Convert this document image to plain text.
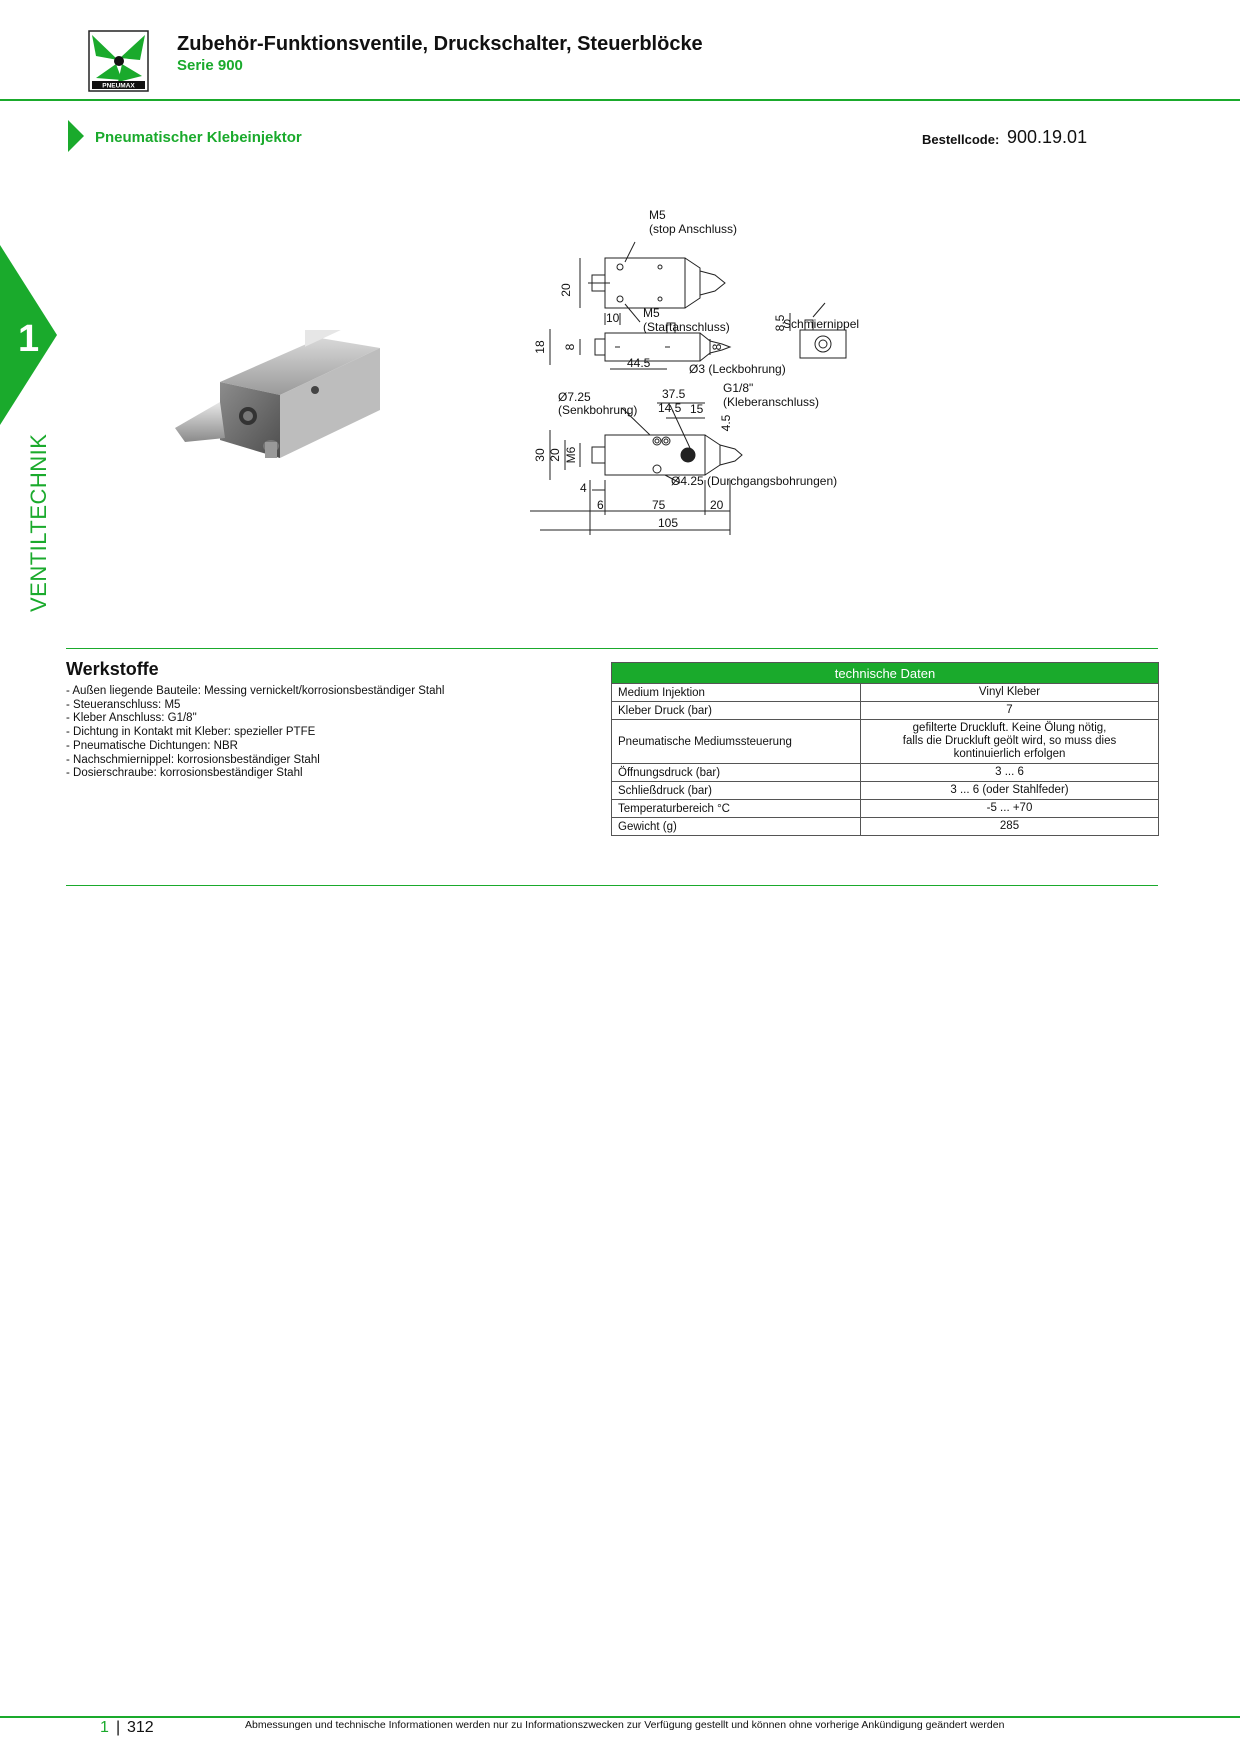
PNEUMAX
Zubehör-Funktionsventile, Druckschalter, Steuerblöcke
Serie 900
Pneumatischer Klebeinjektor	Bestellcode: 900.19.01
1
VENTILTECHNIK
M5
(stop Anschluss)
20
10 M5
(Startanschluss)	Schmiernippel
8.5
18 8	8
44.5	Ø3 (Leckbohrung)
Ø7.25
(Senkbohrung)
37.5	G1/8"
(Kleberanschluss)
14.5 15
4.5
30 20 M6
4	Ø4.25 (Durchgangsbohrungen)
6	75	20
105
Werkstoffe
- Außen liegende Bauteile: Messing vernickelt/korrosionsbeständiger Stahl
- Steueranschluss: M5
- Kleber Anschluss: G1/8"
- Dichtung in Kontakt mit Kleber: spezieller PTFE
- Pneumatische Dichtungen: NBR
- Nachschmiernippel: korrosionsbeständiger Stahl
- Dosierschraube: korrosionsbeständiger Stahl
technische Daten	
Medium Injektion	Vinyl Kleber
Kleber Druck (bar)	7
Pneumatische Mediumssteuerung	gefilterte Druckluft. Keine Ölung nötig, falls die Druckluft geölt wird, so muss dies kontinuierlich erfolgen
Öffnungsdruck (bar)	3 ... 6
Schließdruck (bar)	3 ... 6 (oder Stahlfeder)
Temperaturbereich °C	-5 ... +70
Gewicht (g)	285
1 | 312	Abmessungen und technische Informationen werden nur zu Informationszwecken zur Verfügung gestellt und können ohne vorherige Ankündigung geändert werden
